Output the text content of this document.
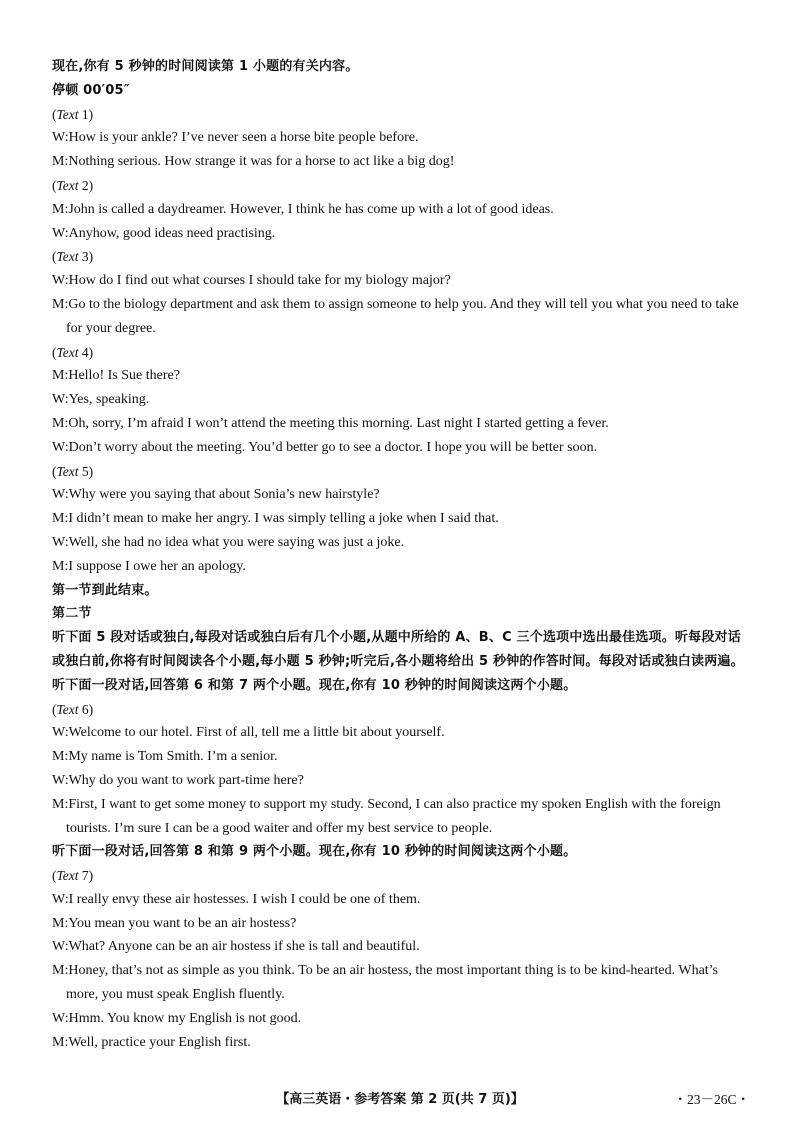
现在,你有 5 秒钟的时间阅读第 1 小题的有关内容。
停顿 00′05″
(Text 1)
W:How is your ankle? I’ve never seen a horse bite people before.
M:Nothing serious. How strange it was for a horse to act like a big dog!
(Text 2)
M:John is called a daydreamer. However, I think he has come up with a lot of good ideas.
W:Anyhow, good ideas need practising.
(Text 3)
W:How do I find out what courses I should take for my biology major?
M:Go to the biology department and ask them to assign someone to help you. And they will tell you what you need to take for your degree.
(Text 4)
M:Hello! Is Sue there?
W:Yes, speaking.
M:Oh, sorry, I’m afraid I won’t attend the meeting this morning. Last night I started getting a fever.
W:Don’t worry about the meeting. You’d better go to see a doctor. I hope you will be better soon.
(Text 5)
W:Why were you saying that about Sonia’s new hairstyle?
M:I didn’t mean to make her angry. I was simply telling a joke when I said that.
W:Well, she had no idea what you were saying was just a joke.
M:I suppose I owe her an apology.
第一节到此结束。
第二节
听下面 5 段对话或独白,每段对话或独白后有几个小题,从题中所给的 A、B、C 三个选项中选出最佳选项。听每段对话或独白前,你将有时间阅读各个小题,每小题 5 秒钟;听完后,各小题将给出 5 秒钟的作答时间。每段对话或独白读两遍。
听下面一段对话,回答第 6 和第 7 两个小题。现在,你有 10 秒钟的时间阅读这两个小题。
(Text 6)
W:Welcome to our hotel. First of all, tell me a little bit about yourself.
M:My name is Tom Smith. I’m a senior.
W:Why do you want to work part-time here?
M:First, I want to get some money to support my study. Second, I can also practice my spoken English with the foreign tourists. I’m sure I can be a good waiter and offer my best service to people.
听下面一段对话,回答第 8 和第 9 两个小题。现在,你有 10 秒钟的时间阅读这两个小题。
(Text 7)
W:I really envy these air hostesses. I wish I could be one of them.
M:You mean you want to be an air hostess?
W:What? Anyone can be an air hostess if she is tall and beautiful.
M:Honey, that’s not as simple as you think. To be an air hostess, the most important thing is to be kind-hearted. What’s more, you must speak English fluently.
W:Hmm. You know my English is not good.
M:Well, practice your English first.
【高三英语・参考答案 第 2 页(共 7 页)】	・23－26C・
